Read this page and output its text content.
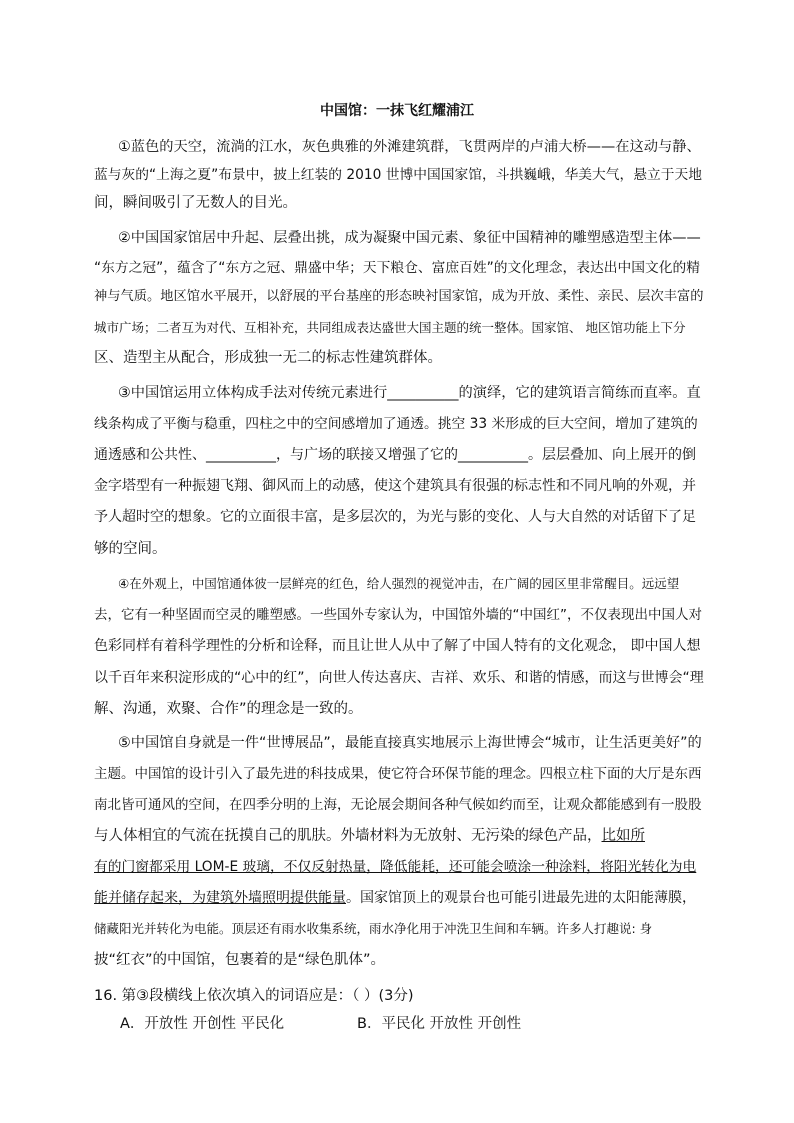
中国馆：一抹飞红耀浦江
①蓝色的天空，流淌的江水，灰色典雅的外滩建筑群，飞贯两岸的卢浦大桥——在这动与静、
蓝与灰的“上海之夏”布景中，披上红装的 2010 世博中国国家馆，斗拱巍峨，华美大气，悬立于天地
间，瞬间吸引了无数人的目光。
②中国国家馆居中升起、层叠出挑，成为凝聚中国元素、象征中国精神的雕塑感造型主体——
“东方之冠”，蕴含了“东方之冠、鼎盛中华；天下粮仓、富庶百姓”的文化理念，表达出中国文化的精
神与气质。地区馆水平展开，以舒展的平台基座的形态映衬国家馆，成为开放、柔性、亲民、层次丰富的
城市广场；二者互为对代、互相补充，共同组成表达盛世大国主题的统一整体。国家馆、 地区馆功能上下分
区、造型主从配合，形成独一无二的标志性建筑群体。
③中国馆运用立体构成手法对传统元素进行__________的演绎，它的建筑语言简练而直率。直
线条构成了平衡与稳重，四柱之中的空间感增加了通透。挑空 33 米形成的巨大空间，增加了建筑的
通透感和公共性、__________，与广场的联接又增强了它的__________。层层叠加、向上展开的倒
金字塔型有一种振翅飞翔、御风而上的动感，使这个建筑具有很强的标志性和不同凡响的外观，并
予人超时空的想象。它的立面很丰富，是多层次的，为光与影的变化、人与大自然的对话留下了足
够的空间。
④在外观上，中国馆通体彼一层鲜亮的红色，给人强烈的视觉冲击，在广阔的园区里非常醒目。远远望
去，它有一种坚固而空灵的雕塑感。一些国外专家认为，中国馆外墙的“中国红”，不仅表现出中国人对
色彩同样有着科学理性的分析和诠释，而且让世人从中了解了中国人特有的文化观念， 即中国人想
以千百年来积淀形成的“心中的红”，向世人传达喜庆、吉祥、欢乐、和谐的情感，而这与世博会“理
解、沟通，欢聚、合作”的理念是一致的。
⑤中国馆自身就是一件“世博展品”，最能直接真实地展示上海世博会“城市，让生活更美好”的
主题。中国馆的设计引入了最先进的科技成果，使它符合环保节能的理念。四根立柱下面的大厅是东西
南北皆可通风的空间，在四季分明的上海，无论展会期间各种气候如约而至，让观众都能感到有一股股
与人体相宜的气流在抚摸自己的肌肤。外墙材料为无放射、无污染的绿色产品，比如所
有的门窗都采用 LOM-E 玻璃，不仅反射热量，降低能耗，还可能会喷涂一种涂料，将阳光转化为电
能并储存起来，为建筑外墙照明提供能量。国家馆顶上的观景台也可能引进最先进的太阳能薄膜，
储藏阳光并转化为电能。顶层还有雨水收集系统，雨水净化用于冲洗卫生间和车辆。许多人打趣说: 身
披“红衣”的中国馆，包裹着的是“绿色肌体”。
16. 第③段横线上依次填入的词语应是：（ ）(3分)
A．开放性 开创性 平民化	B．平民化 开放性 开创性
